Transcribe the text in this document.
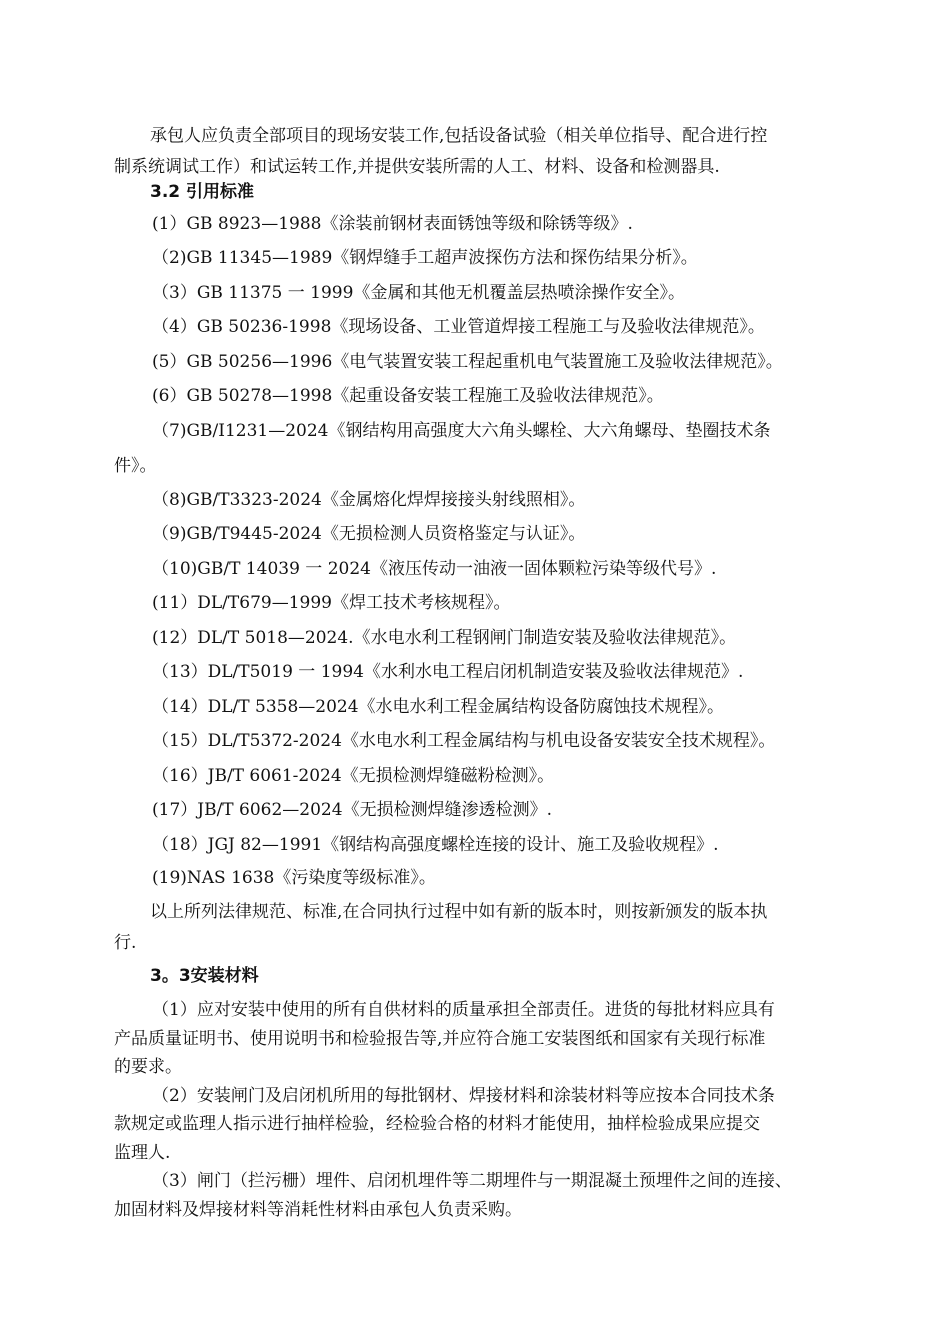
承包人应负责全部项目的现场安装工作,包括设备试验（相关单位指导、配合进行控
制系统调试工作）和试运转工作,并提供安装所需的人工、材料、设备和检测器具.
3.2 引用标准
(1）GB 8923—1988《涂装前钢材表面锈蚀等级和除锈等级》.
（2)GB 11345—1989《钢焊缝手工超声波探伤方法和探伤结果分析》。
（3）GB 11375 一 1999《金属和其他无机覆盖层热喷涂操作安全》。
（4）GB 50236-1998《现场设备、工业管道焊接工程施工与及验收法律规范》。
(5）GB 50256—1996《电气装置安装工程起重机电气装置施工及验收法律规范》。
(6）GB 50278—1998《起重设备安装工程施工及验收法律规范》。
（7)GB/I1231—2024《钢结构用高强度大六角头螺栓、大六角螺母、垫圈技术条
件》。
（8)GB/T3323-2024《金属熔化焊焊接接头射线照相》。
（9)GB/T9445-2024《无损检测人员资格鉴定与认证》。
（10)GB/T 14039 一 2024《液压传动一油液一固体颗粒污染等级代号》.
(11）DL/T679—1999《焊工技术考核规程》。
(12）DL/T 5018—2024.《水电水利工程钢闸门制造安装及验收法律规范》。
（13）DL/T5019 一 1994《水利水电工程启闭机制造安装及验收法律规范》.
（14）DL/T 5358—2024《水电水利工程金属结构设备防腐蚀技术规程》。
（15）DL/T5372-2024《水电水利工程金属结构与机电设备安装安全技术规程》。
（16）JB/T 6061-2024《无损检测焊缝磁粉检测》。
(17）JB/T 6062—2024《无损检测焊缝渗透检测》.
（18）JGJ 82—1991《钢结构高强度螺栓连接的设计、施工及验收规程》.
(19)NAS 1638《污染度等级标准》。
以上所列法律规范、标准,在合同执行过程中如有新的版本时，则按新颁发的版本执
行.
3。3安装材料
（1）应对安装中使用的所有自供材料的质量承担全部责任。进货的每批材料应具有
产品质量证明书、使用说明书和检验报告等,并应符合施工安装图纸和国家有关现行标准
的要求。
（2）安装闸门及启闭机所用的每批钢材、焊接材料和涂装材料等应按本合同技术条
款规定或监理人指示进行抽样检验，经检验合格的材料才能使用，抽样检验成果应提交
监理人.
（3）闸门（拦污栅）埋件、启闭机埋件等二期埋件与一期混凝土预埋件之间的连接、
加固材料及焊接材料等消耗性材料由承包人负责采购。
